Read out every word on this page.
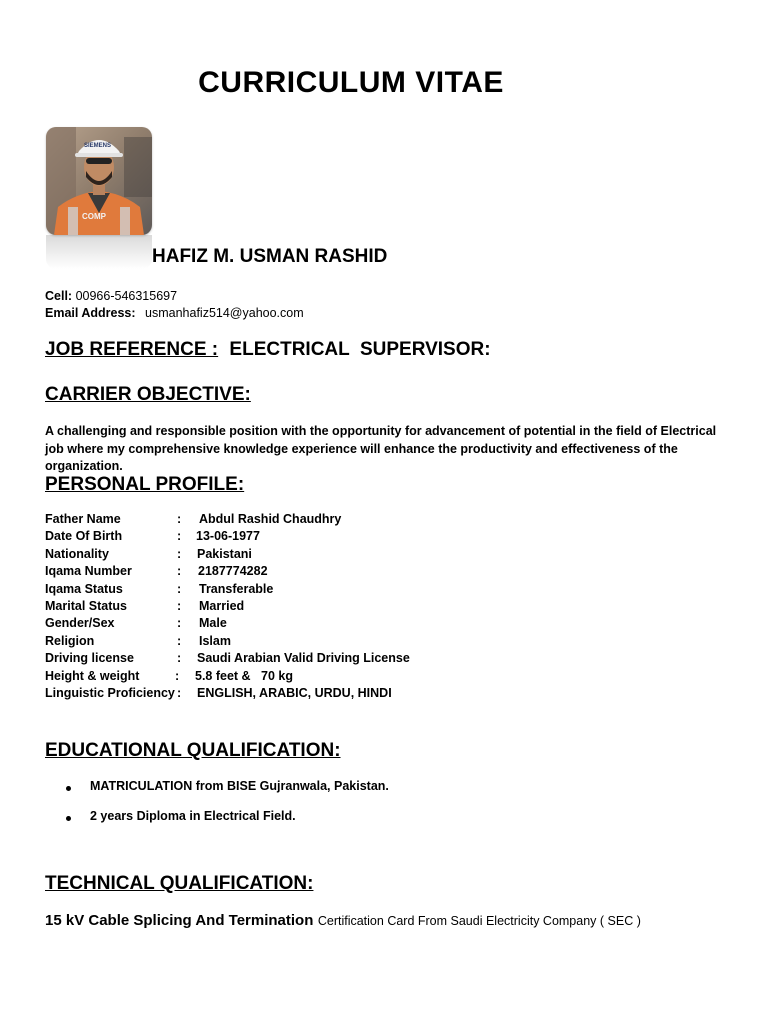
CURRICULUM VITAE
COMP
SIEMENS
HAFIZ M. USMAN RASHID
Cell: 00966-546315697
Email Address: usmanhafiz514@yahoo.com
JOB REFERENCE : ELECTRICAL  SUPERVISOR:
CARRIER OBJECTIVE:
A challenging and responsible position with the opportunity for advancement of potential in the field of Electrical job where my comprehensive knowledge experience will enhance the productivity and effectiveness of the organization.
PERSONAL PROFILE:
Father Name	: Abdul Rashid Chaudhry
Date Of Birth	: 13-06-1977
Nationality	: Pakistani
Iqama Number	: 2187774282
Iqama Status	: Transferable
Marital Status	: Married
Gender/Sex	: Male
Religion	: Islam
Driving license	: Saudi Arabian Valid Driving License
Height & weight	: 5.8 feet &   70 kg
Linguistic Proficiency : ENGLISH, ARABIC, URDU, HINDI
EDUCATIONAL QUALIFICATION:
MATRICULATION from BISE Gujranwala, Pakistan.
2 years Diploma in Electrical Field.
TECHNICAL QUALIFICATION:
15 kV Cable Splicing And Termination Certification Card From Saudi Electricity Company ( SEC )
